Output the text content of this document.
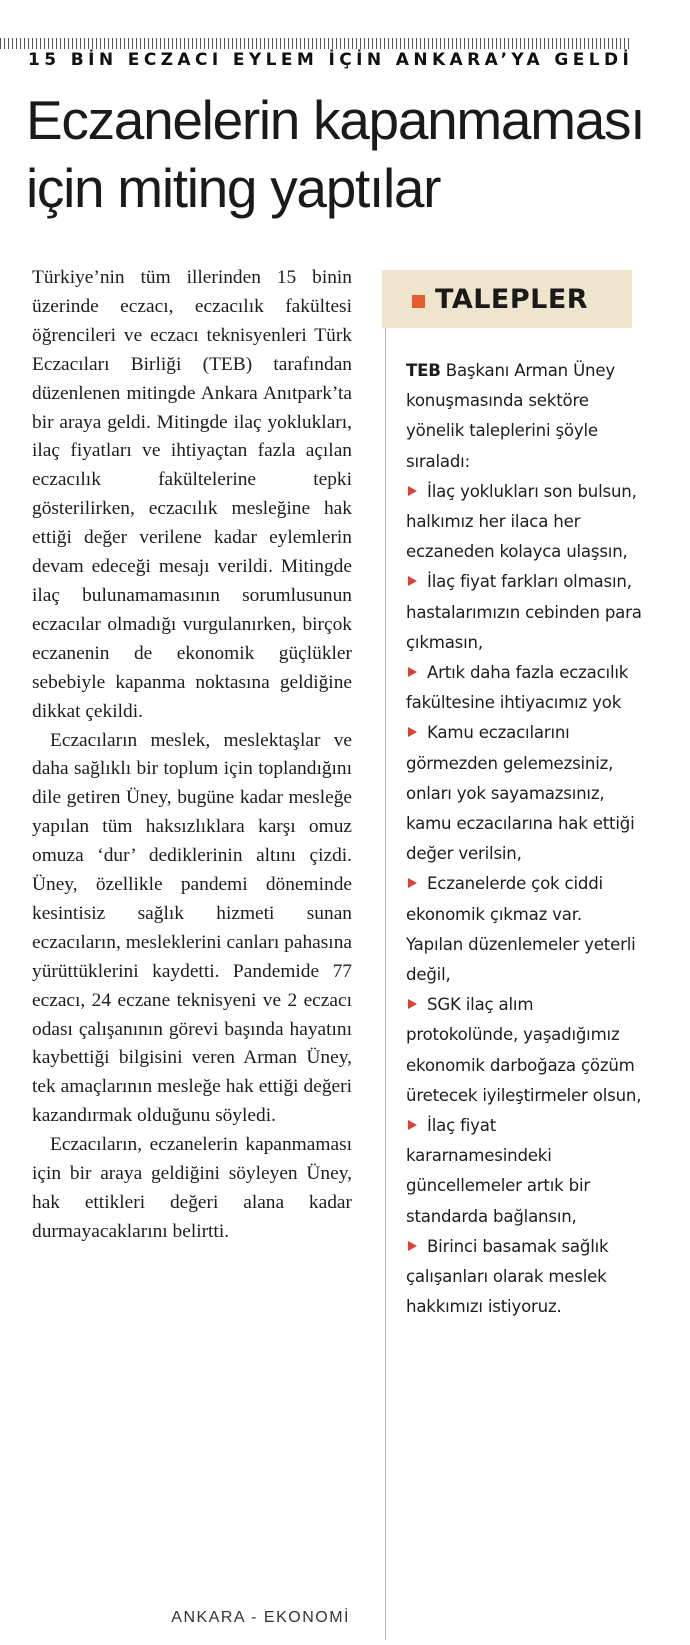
15 BİN ECZACI EYLEM İÇİN ANKARA’YA GELDİ
Eczanelerin kapanmaması
için miting yaptılar

Türkiye’nin tüm illerinden 15 binin üzerinde eczacı, eczacılık fakültesi öğrencileri ve eczacı teknisyenleri Türk Eczacıları Birliği (TEB) tarafından düzenlenen mitingde Ankara Anıtpark’ta bir araya geldi. Mitingde ilaç yoklukları, ilaç fiyatları ve ihtiyaçtan fazla açılan eczacılık fakültelerine tepki gösterilirken, eczacılık mesleğine hak ettiği değer verilene kadar eylemlerin devam edeceği mesajı verildi. Mitingde ilaç bulunamamasının sorumlusunun eczacılar olmadığı vurgulanırken, birçok eczanenin de ekonomik güçlükler sebebiyle kapanma noktasına geldiğine dikkat çekildi.

Eczacıların meslek, meslektaşlar ve daha sağlıklı bir toplum için toplandığını dile getiren Üney, bugüne kadar mesleğe yapılan tüm haksızlıklara karşı omuz omuza ‘dur’ dediklerinin altını çizdi. Üney, özellikle pandemi döneminde kesintisiz sağlık hizmeti sunan eczacıların, mesleklerini canları pahasına yürüttüklerini kaydetti. Pandemide 77 eczacı, 24 eczane teknisyeni ve 2 eczacı odası çalışanının görevi başında hayatını kaybettiği bilgisini veren Arman Üney, tek amaçlarının mesleğe hak ettiği değeri kazandırmak olduğunu söyledi.

Eczacıların, eczanelerin kapanmaması için bir araya geldiğini söyleyen Üney, hak ettikleri değeri alana kadar durmayacaklarını belirtti.

ANKARA - EKONOMİ
TALEPLER

TEB Başkanı Arman Üney konuşmasında sektöre yönelik taleplerini şöyle sıraladı:

İlaç yoklukları son bulsun, halkımız her ilaca her eczaneden kolayca ulaşsın,
İlaç fiyat farkları olmasın, hastalarımızın cebinden para çıkmasın,
Artık daha fazla eczacılık fakültesine ihtiyacımız yok
Kamu eczacılarını görmezden gelemezsiniz, onları yok sayamazsınız, kamu eczacılarına hak ettiği değer verilsin,
Eczanelerde çok ciddi ekonomik çıkmaz var. Yapılan düzenlemeler yeterli değil,
SGK ilaç alım protokolünde, yaşadığımız ekonomik darboğaza çözüm üretecek iyileştirmeler olsun,
İlaç fiyat kararnamesindeki güncellemeler artık bir standarda bağlansın,
Birinci basamak sağlık çalışanları olarak meslek hakkımızı istiyoruz.
